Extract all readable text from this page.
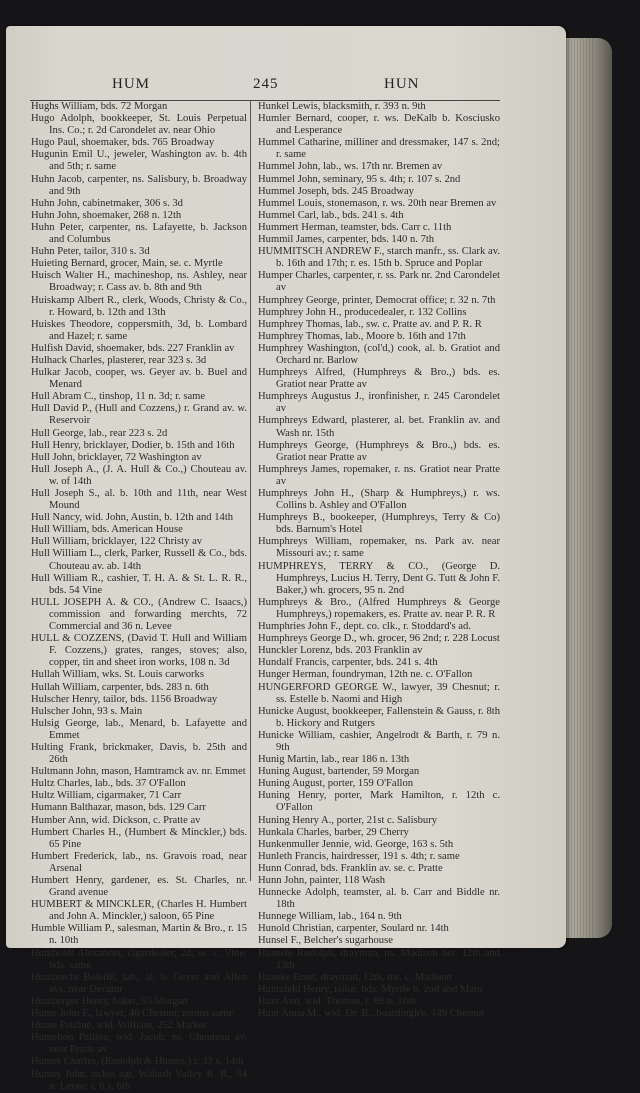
HUM	245	HUN
Hughs William, bds. 72 Morgan
Hugo Adolph, bookkeeper, St. Louis Perpetual Ins. Co.; r. 2d Carondelet av. near Ohio
Hugo Paul, shoemaker, bds. 765 Broadway
Hugunin Emil U., jeweler, Washington av. b. 4th and 5th; r. same
Huhn Jacob, carpenter, ns. Salisbury, b. Broadway and 9th
Huhn John, cabinetmaker, 306 s. 3d
Huhn John, shoemaker, 268 n. 12th
Huhn Peter, carpenter, ns. Lafayette, b. Jackson and Columbus
Huhn Peter, tailor, 310 s. 3d
Huieting Bernard, grocer, Main, se. c. Myrtle
Huisch Walter H., machineshop, ns. Ashley, near Broadway; r. Cass av. b. 8th and 9th
Huiskamp Albert R., clerk, Woods, Christy & Co., r. Howard, b. 12th and 13th
Huiskes Theodore, coppersmith, 3d, b. Lombard and Hazel; r. same
Hulfish David, shoemaker, bds. 227 Franklin av
Hulhack Charles, plasterer, rear 323 s. 3d
Hulkar Jacob, cooper, ws. Geyer av. b. Buel and Menard
Hull Abram C., tinshop, 11 n. 3d; r. same
Hull David P., (Hull and Cozzens,) r. Grand av. w. Reservoir
Hull George, lab., rear 223 s. 2d
Hull Henry, bricklayer, Dodier, b. 15th and 16th
Hull John, bricklayer, 72 Washington av
Hull Joseph A., (J. A. Hull & Co.,) Chouteau av. w. of 14th
Hull Joseph S., al. b. 10th and 11th, near West Mound
Hull Nancy, wid. John, Austin, b. 12th and 14th
Hull William, bds. American House
Hull William, bricklayer, 122 Christy av
Hull William L., clerk, Parker, Russell & Co., bds. Chouteau av. ab. 14th
Hull William R., cashier, T. H. A. & St. L. R. R., bds. 54 Vine
HULL JOSEPH A. & CO., (Andrew C. Isaacs,) commission and forwarding merchts, 72 Commercial and 36 n. Levee
HULL & COZZENS, (David T. Hull and William F. Cozzens,) grates, ranges, stoves; also, copper, tin and sheet iron works, 108 n. 3d
Hullah William, wks. St. Louis carworks
Hullah William, carpenter, bds. 283 n. 6th
Hulscher Henry, tailor, bds. 1156 Broadway
Hulscher John, 93 s. Main
Hulsig George, lab., Menard, b. Lafayette and Emmet
Hulting Frank, brickmaker, Davis, b. 25th and 26th
Hultmann John, mason, Hamtramck av. nr. Emmet
Hultz Charles, lab., bds. 37 O'Fallon
Hultz William, cigarmaker, 71 Carr
Humann Balthazar, mason, bds. 129 Carr
Humber Ann, wid. Dickson, c. Pratte av
Humbert Charles H., (Humbert & Minckler,) bds. 65 Pine
Humbert Frederick, lab., ns. Gravois road, near Arsenal
Humbert Henry, gardener, es. St. Charles, nr. Grand avenue
HUMBERT & MINCKLER, (Charles H. Humbert and John A. Minckler,) saloon, 65 Pine
Humble William P., salesman, Martin & Bro., r. 15 n. 10th
Humboldt Alexander, cigardealer, 2d, se. c. Vine; bds. same
Humbrecht Boletill, lab., al. b. Geyer and Allen avs. near Decatur
Humberger Henry, baker, 93 Morgan
Hume John F., lawyer, 46 Chesnut; rooms same
Hume Pauline, wid. William, 252 Market
Humelton Palissa, wid. Jacob, ns. Chouteau av. near Pratte av
Humes Charles, (Rudolph & Humes,) r. 33 s. 14th
Humes John, ticket agt. Wabash Valley R. R., 54 n. Levee; r. 6 s. 6th
Hunkel Lewis, blacksmith, r. 393 n. 9th
Humler Bernard, cooper, r. ws. DeKalb b. Kosciusko and Lesperance
Hummel Catharine, milliner and dressmaker, 147 s. 2nd; r. same
Hummel John, lab., ws. 17th nr. Bremen av
Hummel John, seminary, 95 s. 4th; r. 107 s. 2nd
Hummel Joseph, bds. 245 Broadway
Hummel Louis, stonemason, r. ws. 20th near Bremen av
Hummel Carl, lab., bds. 241 s. 4th
Hummert Herman, teamster, bds. Carr c. 11th
Hummil James, carpenter, bds. 140 n. 7th
HUMMITSCH ANDREW F., starch manfr., ss. Clark av. b. 16th and 17th; r. es. 15th b. Spruce and Poplar
Humper Charles, carpenter, r. ss. Park nr. 2nd Carondelet av
Humphrey George, printer, Democrat office; r. 32 n. 7th
Humphrey John H., producedealer, r. 132 Collins
Humphrey Thomas, lab., sw. c. Pratte av. and P. R. R
Humphrey Thomas, lab., Moore b. 16th and 17th
Humphrey Washington, (col'd,) cook, al. b. Gratiot and Orchard nr. Barlow
Humphreys Alfred, (Humphreys & Bro.,) bds. es. Gratiot near Pratte av
Humphreys Augustus J., ironfinisher, r. 245 Carondelet av
Humphreys Edward, plasterer, al. bet. Franklin av. and Wash nr. 15th
Humphreys George, (Humphreys & Bro.,) bds. es. Gratiot near Pratte av
Humphreys James, ropemaker, r. ns. Gratiot near Pratte av
Humphreys John H., (Sharp & Humphreys,) r. ws. Collins b. Ashley and O'Fallon
Humphreys B., bookeeper, (Humphreys, Terry & Co) bds. Barnum's Hotel
Humphreys William, ropemaker, ns. Park av. near Missouri av.; r. same
HUMPHREYS, TERRY & CO., (George D. Humphreys, Lucius H. Terry, Dent G. Tutt & John F. Baker,) wh. grocers, 95 n. 2nd
Humphreys & Bro., (Alfred Humphreys & George Humphreys,) ropemakers, es. Pratte av. near P. R. R
Humphries John F., dept. co. clk., r. Stoddard's ad.
Humphreys George D., wh. grocer, 96 2nd; r. 228 Locust
Hunckler Lorenz, bds. 203 Franklin av
Hundalf Francis, carpenter, bds. 241 s. 4th
Hunger Herman, foundryman, 12th ne. c. O'Fallon
HUNGERFORD GEORGE W., lawyer, 39 Chesnut; r. ss. Estelle b. Naomi and High
Hunicke August, bookkeeper, Fallenstein & Gauss, r. 8th b. Hickory and Rutgers
Hunicke William, cashier, Angelrodt & Barth, r. 79 n. 9th
Hunig Martin, lab., rear 186 n. 13th
Huning August, bartender, 59 Morgan
Huning August, porter, 159 O'Fallon
Huning Henry, porter, Mark Hamilton, r. 12th c. O'Fallon
Huning Henry A., porter, 21st c. Salisbury
Hunkala Charles, barber, 29 Cherry
Hunkenmuller Jennie, wid. George, 163 s. 5th
Hunleth Francis, hairdresser, 191 s. 4th; r. same
Hunn Conrad, bds. Franklin av. se. c. Pratte
Hunn John, painter, 118 Wash
Hunnecke Adolph, teamster, al. b. Carr and Biddle nr. 18th
Hunnege William, lab., 164 n. 9th
Hunold Christian, carpenter, Soulard nr. 14th
Hunsel F., Belcher's sugarhouse
Hunsele Rudolph, drayman, ns. Madison bet. 12th and 13th
Hunske Ernst, drayman, 12th, nw. c. Madison
Huntzfeld Henry, tailor, bds. Myrtle b. 2nd and Main
Hunt Ann, wid. Thomas, r. 69 n. 16th
Hunt Anna M., wid. Dr. B., boardingh'e, 149 Chesnut
